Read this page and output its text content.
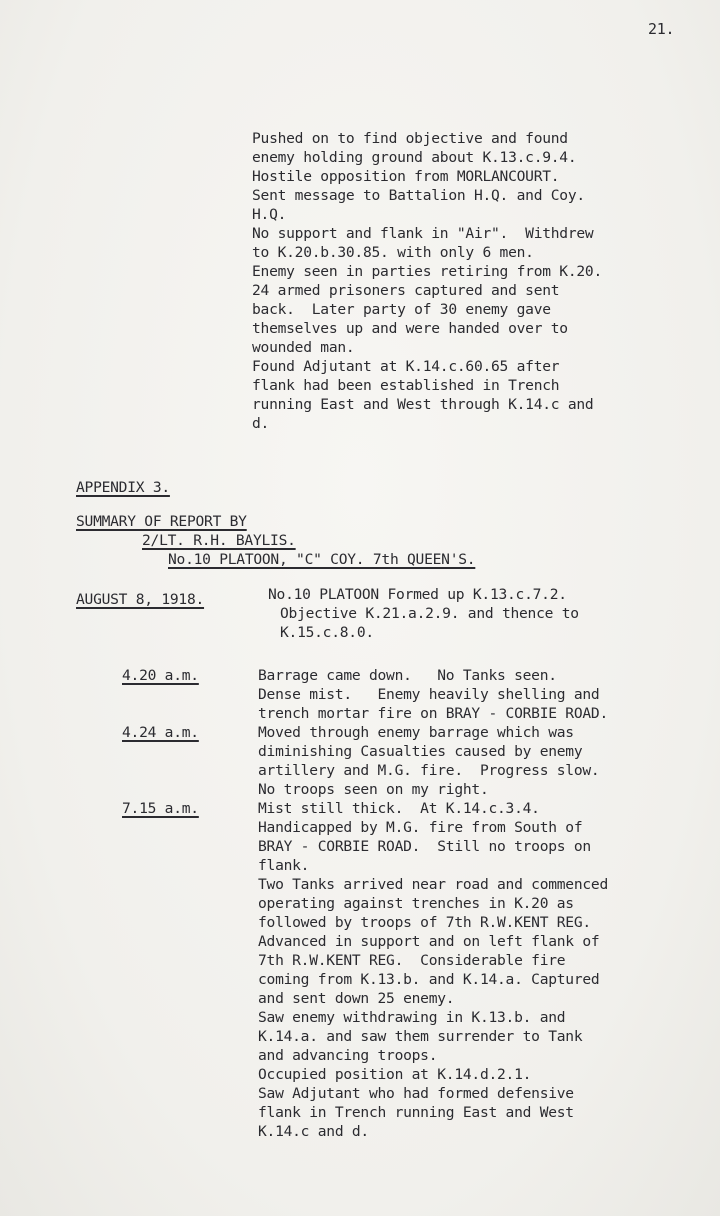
21.
Pushed on to find objective and found
enemy holding ground about K.13.c.9.4.
Hostile opposition from MORLANCOURT.
Sent message to Battalion H.Q. and Coy.
H.Q.
No support and flank in "Air".  Withdrew
to K.20.b.30.85. with only 6 men.
Enemy seen in parties retiring from K.20.
24 armed prisoners captured and sent
back.  Later party of 30 enemy gave
themselves up and were handed over to
wounded man.
Found Adjutant at K.14.c.60.65 after
flank had been established in Trench
running East and West through K.14.c and
d.
APPENDIX 3.
SUMMARY OF REPORT BY
2/LT. R.H. BAYLIS.
No.10 PLATOON, "C" COY. 7th QUEEN'S.
AUGUST 8, 1918.	No.10 PLATOON Formed up K.13.c.7.2.
Objective K.21.a.2.9. and thence to
K.15.c.8.0.
4.20 a.m.	Barrage came down.   No Tanks seen.
Dense mist.   Enemy heavily shelling and
trench mortar fire on BRAY - CORBIE ROAD.
4.24 a.m.	Moved through enemy barrage which was
diminishing Casualties caused by enemy
artillery and M.G. fire.  Progress slow.
No troops seen on my right.
7.15 a.m.	Mist still thick.  At K.14.c.3.4.
Handicapped by M.G. fire from South of
BRAY - CORBIE ROAD.  Still no troops on
flank.
Two Tanks arrived near road and commenced
operating against trenches in K.20 as
followed by troops of 7th R.W.KENT REG.
Advanced in support and on left flank of
7th R.W.KENT REG.  Considerable fire
coming from K.13.b. and K.14.a. Captured
and sent down 25 enemy.
Saw enemy withdrawing in K.13.b. and
K.14.a. and saw them surrender to Tank
and advancing troops.
Occupied position at K.14.d.2.1.
Saw Adjutant who had formed defensive
flank in Trench running East and West
K.14.c and d.
